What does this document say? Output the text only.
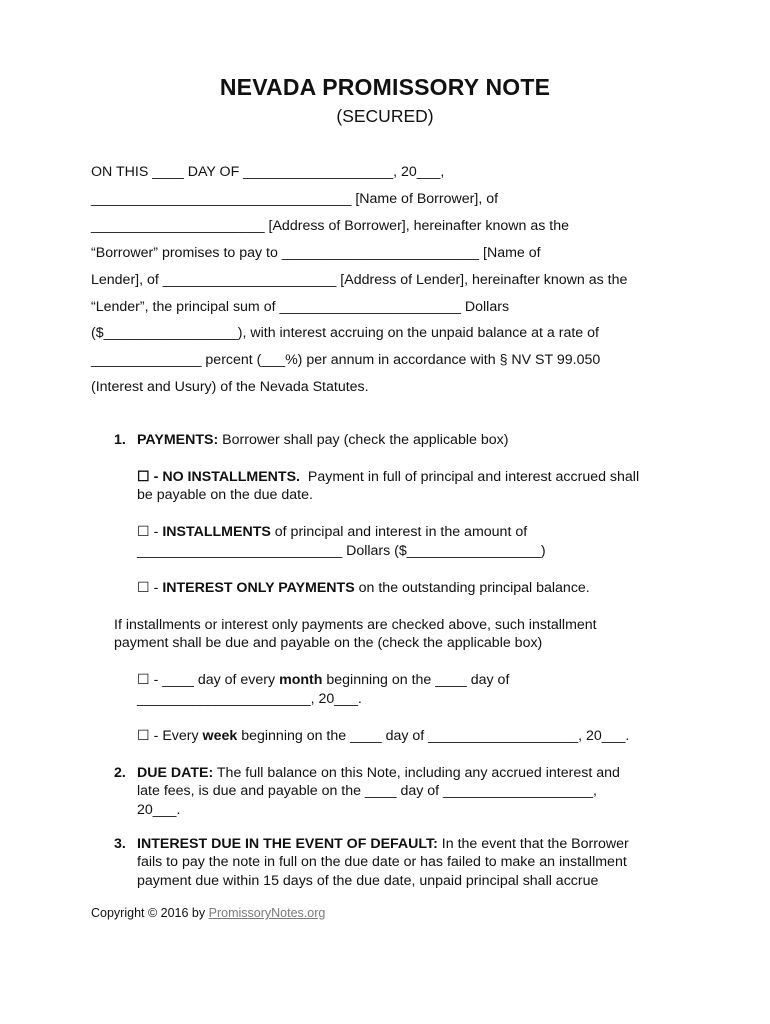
NEVADA PROMISSORY NOTE
(SECURED)
ON THIS ____ DAY OF ___________________, 20___,
_________________________________ [Name of Borrower], of
______________________ [Address of Borrower], hereinafter known as the
“Borrower” promises to pay to _________________________ [Name of
Lender], of ______________________ [Address of Lender], hereinafter known as the
“Lender”, the principal sum of _______________________ Dollars
($_________________), with interest accruing on the unpaid balance at a rate of
______________ percent (___%) per annum in accordance with § NV ST 99.050
(Interest and Usury) of the Nevada Statutes.
1. PAYMENTS: Borrower shall pay (check the applicable box)
☐ - NO INSTALLMENTS. Payment in full of principal and interest accrued shall
be payable on the due date.
☐ - INSTALLMENTS of principal and interest in the amount of
__________________________ Dollars ($_________________)
☐ - INTEREST ONLY PAYMENTS on the outstanding principal balance.
If installments or interest only payments are checked above, such installment
payment shall be due and payable on the (check the applicable box)
☐ - ____ day of every month beginning on the ____ day of
______________________, 20___.
☐ - Every week beginning on the ____ day of ___________________, 20___.
2. DUE DATE: The full balance on this Note, including any accrued interest and
late fees, is due and payable on the ____ day of ___________________,
20___.
3. INTEREST DUE IN THE EVENT OF DEFAULT: In the event that the Borrower
fails to pay the note in full on the due date or has failed to make an installment
payment due within 15 days of the due date, unpaid principal shall accrue
Copyright © 2016 by PromissoryNotes.org
